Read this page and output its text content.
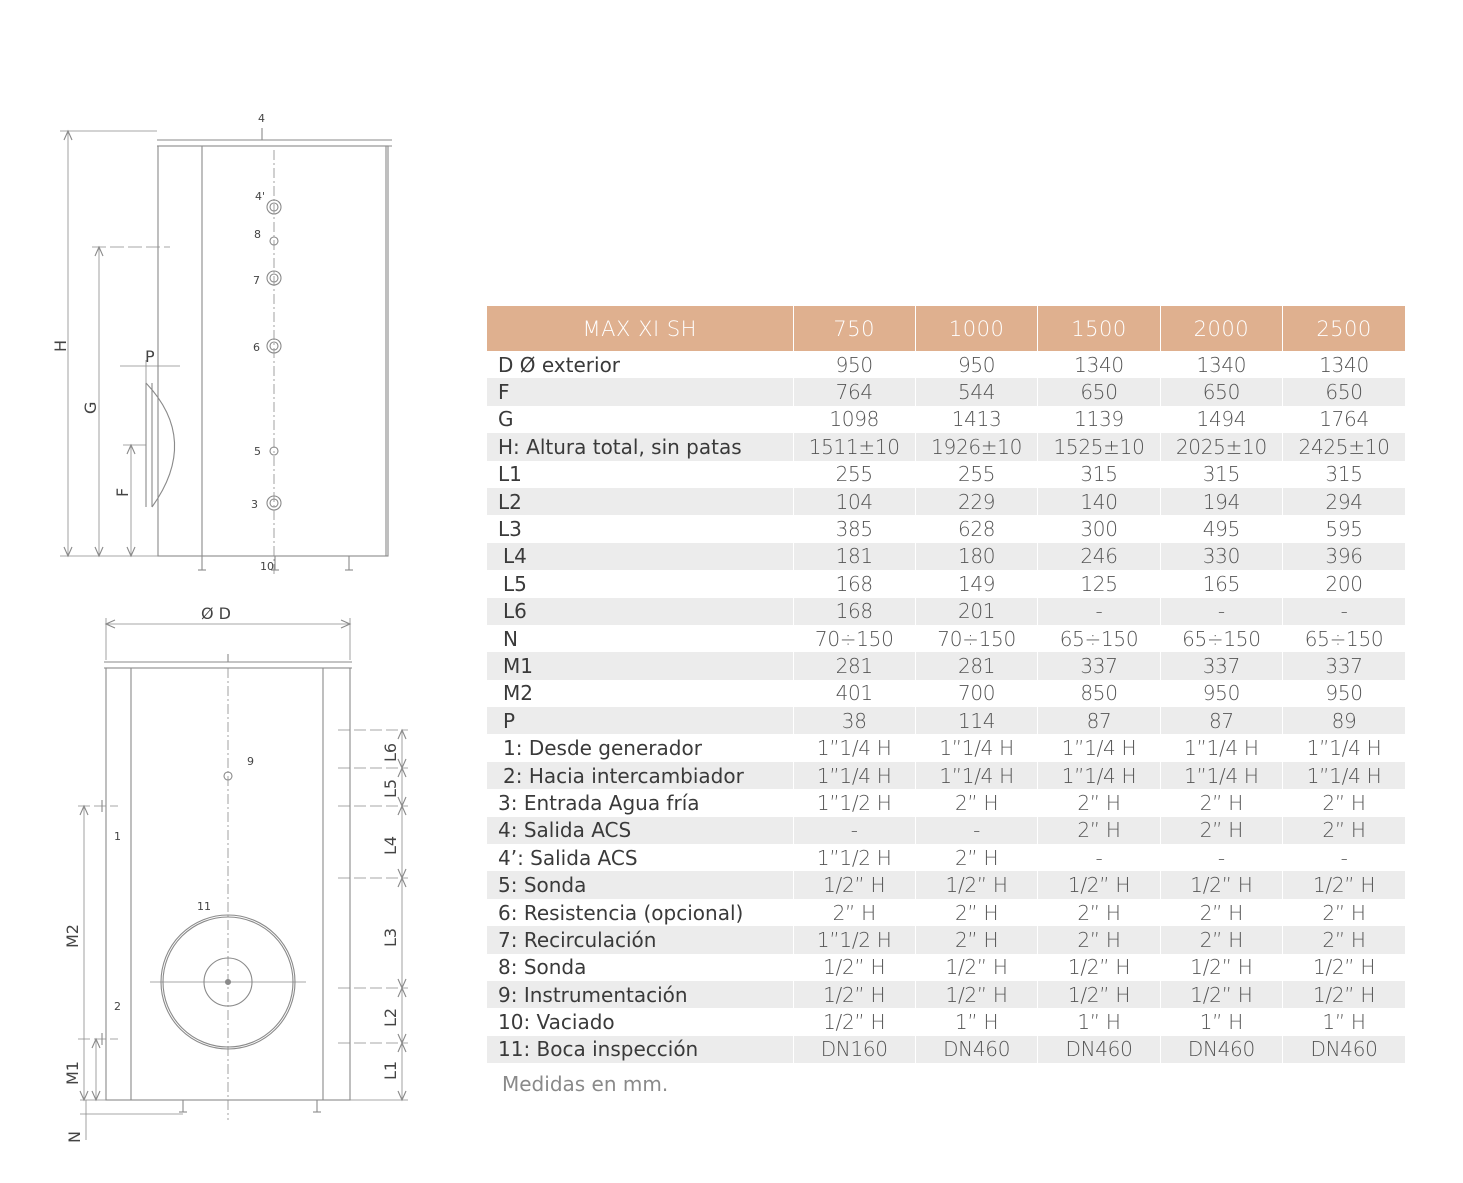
4
4'
8
7
6
5
3
10
H
G
F
P
Ø D
9
11
1
2
L1
L2
L3
L4
L5
L6
M1
M2
N
MAX XI SH	750	1000	1500	2000	2500
D Ø exterior	950	950	1340	1340	1340
F	764	544	650	650	650
G	1098	1413	1139	1494	1764
H: Altura total, sin patas	1511±10	1926±10	1525±10	2025±10	2425±10
L1	255	255	315	315	315
L2	104	229	140	194	294
L3	385	628	300	495	595
L4	181	180	246	330	396
L5	168	149	125	165	200
L6	168	201	-	-	-
N	70÷150	70÷150	65÷150	65÷150	65÷150
M1	281	281	337	337	337
M2	401	700	850	950	950
P	38	114	87	87	89
1: Desde generador	1”1/4 H	1”1/4 H	1”1/4 H	1”1/4 H	1”1/4 H
2: Hacia intercambiador	1”1/4 H	1”1/4 H	1”1/4 H	1”1/4 H	1”1/4 H
3: Entrada Agua fría	1”1/2 H	2” H	2” H	2” H	2” H
4: Salida ACS	-	-	2” H	2” H	2” H
4’: Salida ACS	1”1/2 H	2” H	-	-	-
5: Sonda	1/2” H	1/2” H	1/2” H	1/2” H	1/2” H
6: Resistencia (opcional)	2” H	2” H	2” H	2” H	2” H
7: Recirculación	1”1/2 H	2” H	2” H	2” H	2” H
8: Sonda	1/2” H	1/2” H	1/2” H	1/2” H	1/2” H
9: Instrumentación	1/2” H	1/2” H	1/2” H	1/2” H	1/2” H
10: Vaciado	1/2” H	1” H	1” H	1” H	1” H
11: Boca inspección	DN160	DN460	DN460	DN460	DN460
Medidas en mm.
